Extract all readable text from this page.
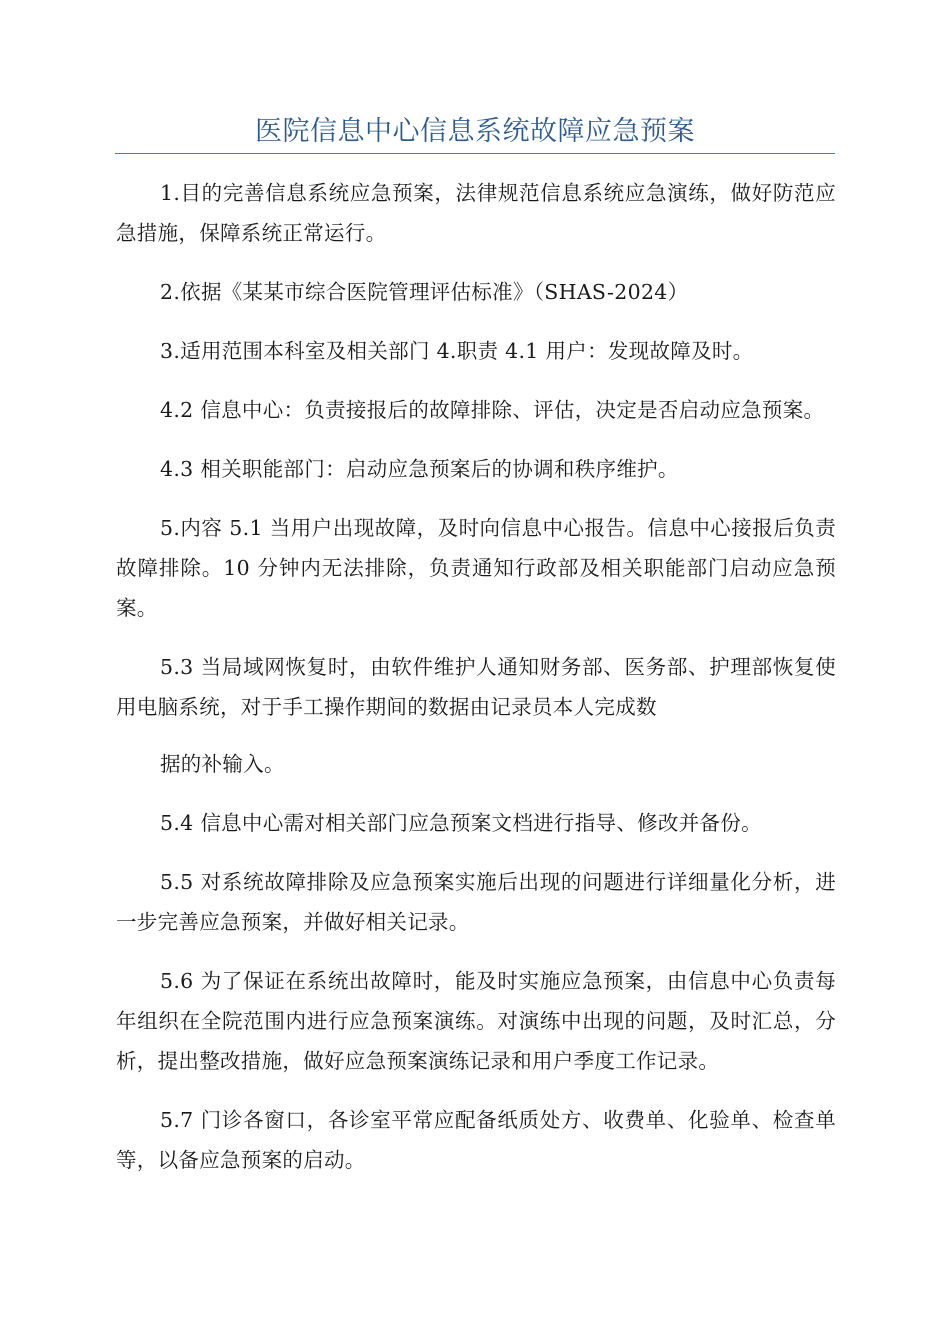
医院信息中心信息系统故障应急预案

1.目的完善信息系统应急预案，法律规范信息系统应急演练，做好防范应急措施，保障系统正常运行。

2.依据《某某市综合医院管理评估标准》（SHAS-2024）

3.适用范围本科室及相关部门 4.职责 4.1 用户：发现故障及时。

4.2 信息中心：负责接报后的故障排除、评估，决定是否启动应急预案。

4.3 相关职能部门：启动应急预案后的协调和秩序维护。

5.内容 5.1 当用户出现故障，及时向信息中心报告。信息中心接报后负责故障排除。10 分钟内无法排除，负责通知行政部及相关职能部门启动应急预案。

5.3 当局域网恢复时，由软件维护人通知财务部、医务部、护理部恢复使用电脑系统，对于手工操作期间的数据由记录员本人完成数

据的补输入。

5.4 信息中心需对相关部门应急预案文档进行指导、修改并备份。

5.5 对系统故障排除及应急预案实施后出现的问题进行详细量化分析，进一步完善应急预案，并做好相关记录。

5.6 为了保证在系统出故障时，能及时实施应急预案，由信息中心负责每年组织在全院范围内进行应急预案演练。对演练中出现的问题，及时汇总，分析，提出整改措施，做好应急预案演练记录和用户季度工作记录。

5.7 门诊各窗口，各诊室平常应配备纸质处方、收费单、化验单、检查单等，以备应急预案的启动。
